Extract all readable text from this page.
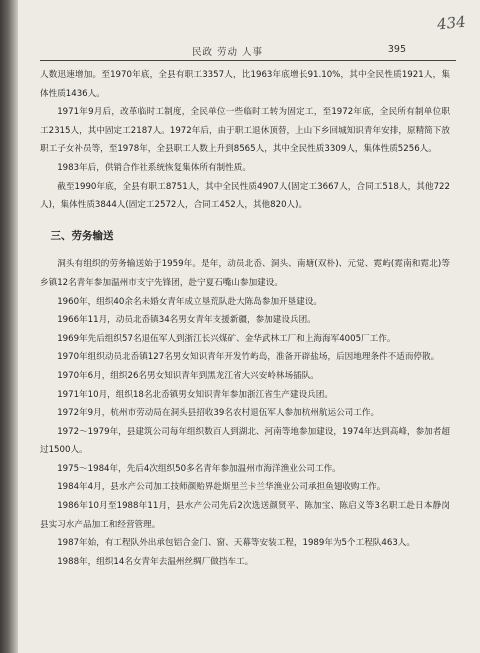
434
民政 劳动 人事	395

人数迅速增加。至1970年底，全县有职工3357人，比1963年底增长91.10%，其中全民性质1921人，集体性质1436人。

1971年9月后，改革临时工制度，全民单位一些临时工转为固定工，至1972年底，全民所有制单位职工2315人，其中固定工2187人。1972年后，由于职工退休顶替，上山下乡回城知识青年安排，原精简下放职工子女补员等，至1978年，全县职工人数上升到8565人，其中全民性质3309人，集体性质5256人。

1983年后，供销合作社系统恢复集体所有制性质。

截至1990年底，全县有职工8751人，其中全民性质4907人(固定工3667人，合同工518人，其他722人)，集体性质3844人(固定工2572人，合同工452人，其他820人)。

三、劳务输送

洞头有组织的劳务输送始于1959年。是年，动员北岙、洞头、南塘(双朴)、元觉、霓屿(霓南和霓北)等乡镇12名青年参加温州市支宁先锋团，赴宁夏石嘴山参加建设。

1960年，组织40余名未婚女青年成立垦荒队赴大陈岛参加开垦建设。

1966年11月，动员北岙镇34名男女青年支援新疆，参加建设兵团。

1969年先后组织57名退伍军人到浙江长兴煤矿、金华武林工厂和上海海军4005厂工作。

1970年组织动员北岙镇127名男女知识青年开发竹屿岛，准备开辟盐场，后因地理条件不适而停散。

1970年6月，组织26名男女知识青年到黑龙江省大兴安岭林场插队。

1971年10月，组织18名北岙镇男女知识青年参加浙江省生产建设兵团。

1972年9月，杭州市劳动局在洞头县招收39名农村退伍军人参加杭州航运公司工作。

1972～1979年，县建筑公司每年组织数百人到湖北、河南等地参加建设，1974年达到高峰，参加者超过1500人。

1975～1984年，先后4次组织50多名青年参加温州市海洋渔业公司工作。

1984年4月，县水产公司加工技师颜贻界赴斯里兰卡兰华渔业公司承担鱼翅收购工作。

1986年10月至1988年11月，县水产公司先后2次选送颜贤平、陈加宝、陈启义等3名职工赴日本静岗县实习水产品加工和经营管理。

1987年始，有工程队外出承包铝合金门、窗、天幕等安装工程，1989年为5个工程队463人。

1988年，组织14名女青年去温州丝绸厂做挡车工。
